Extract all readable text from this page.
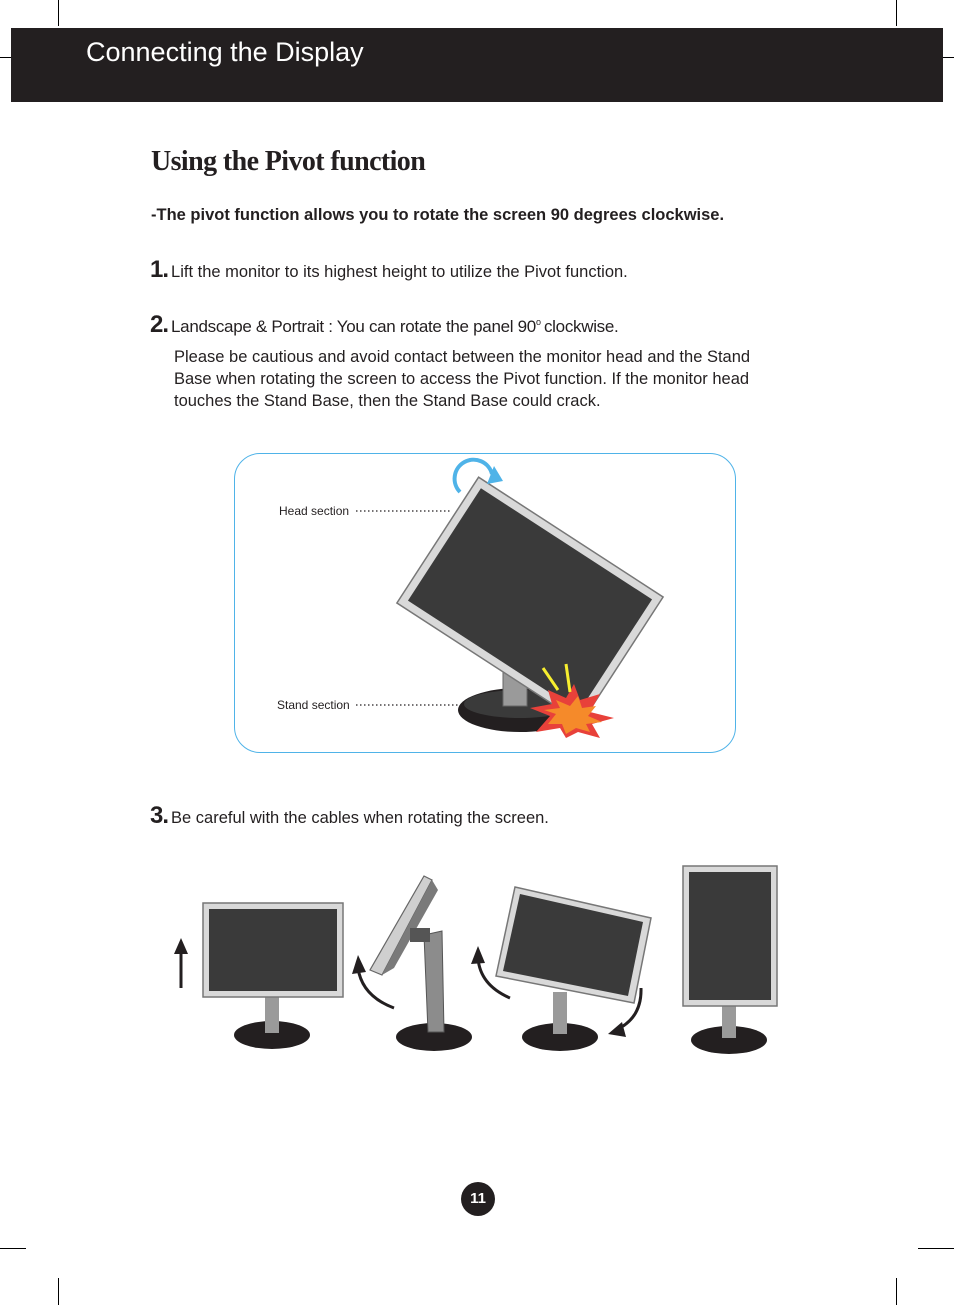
Connecting the Display
Using the Pivot function
-The pivot function allows you to rotate the screen 90 degrees clockwise.
1. Lift the monitor to its highest height to utilize the Pivot function.
2. Landscape & Portrait : You can rotate the panel 90$^o$ clockwise.

Please be cautious and avoid contact between the monitor head and the Stand Base when rotating the screen to access the Pivot function. If the monitor head touches the Stand Base, then the Stand Base could crack.

Head section
Stand section
3. Be careful with the cables when rotating the screen.
11
